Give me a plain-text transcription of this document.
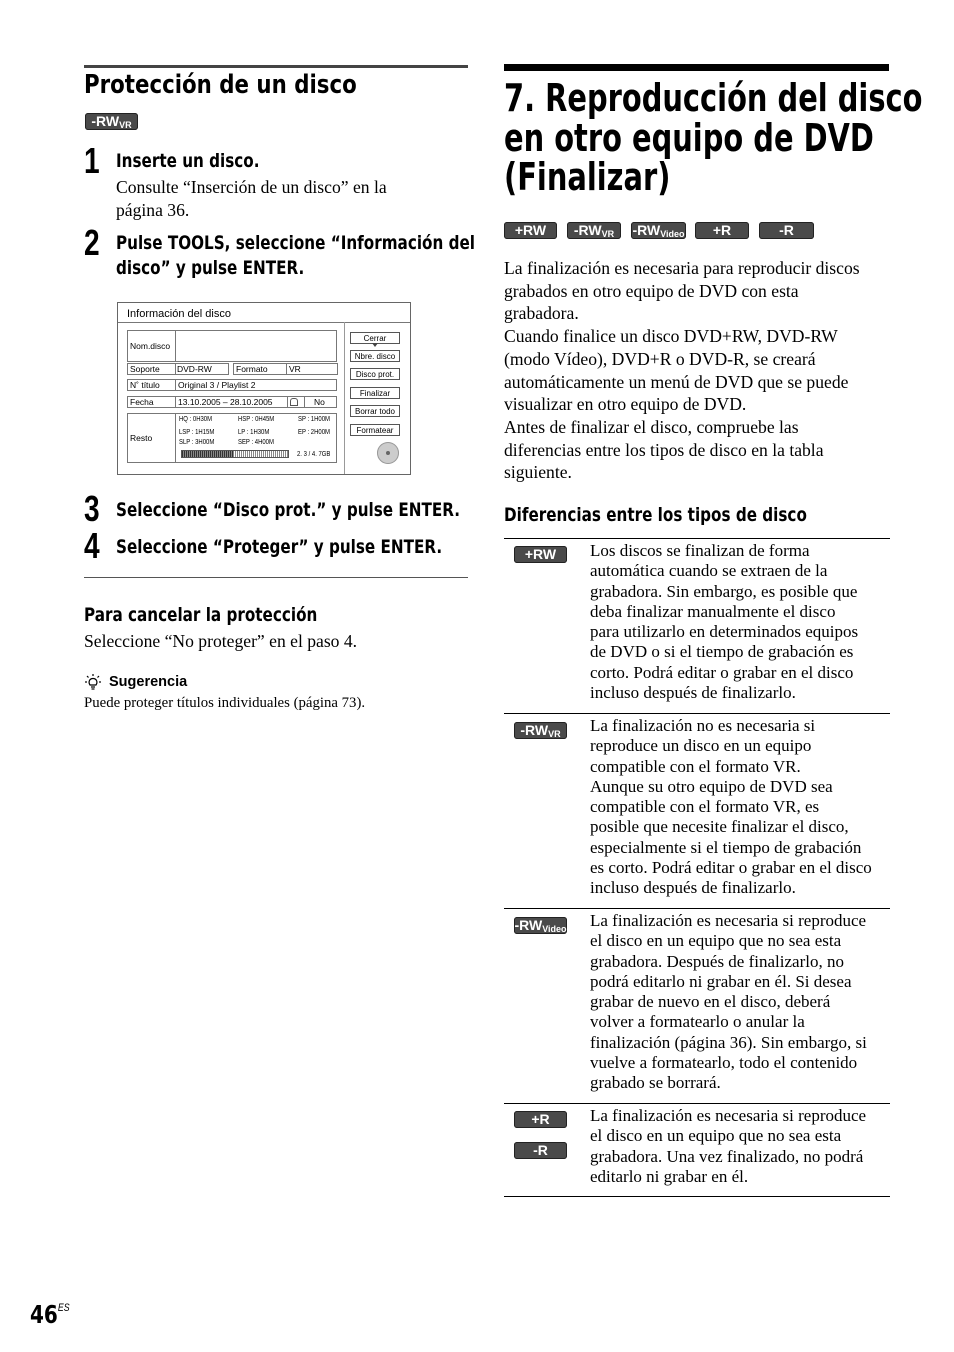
Protección de un disco
$-RW_{VR}$
1 Inserte un disco.
Consulte “Inserción de un disco” en la página 36.
2 Pulse TOOLS, seleccione “Información del
disco” y pulse ENTER.
Información del disco
Nom.disco
Soporte DVD-RW	Formato	VR
N˚ título Original 3 / Playlist 2
Fecha	13.10.2005 – 28.10.2005	No
Resto
HQ : 0H30M	HSP : 0H45M	SP : 1H00M
LSP : 1H15M	LP : 1H30M	EP : 2H00M
SLP : 3H00M	SEP : 4H00M
2. 3 / 4. 7GB
Cerrar
Nbre. disco
Disco prot.
Finalizar
Borrar todo
Formatear
3 Seleccione “Disco prot.” y pulse ENTER.
4 Seleccione “Proteger” y pulse ENTER.
Para cancelar la protección
Seleccione “No proteger” en el paso 4.
Sugerencia
Puede proteger títulos individuales (página 73).
7. Reproducción del disco
en otro equipo de DVD
(Finalizar)
+RW	$-RW_{VR}$	$-RW_{Video}$	+R	-R
La finalización es necesaria para reproducir discos
grabados en otro equipo de DVD con esta
grabadora.
Cuando finalice un disco DVD+RW, DVD-RW
(modo Vídeo), DVD+R o DVD-R, se creará
automáticamente un menú de DVD que se puede
visualizar en otro equipo de DVD.
Antes de finalizar el disco, compruebe las
diferencias entre los tipos de disco en la tabla
siguiente.
Diferencias entre los tipos de disco
+RW	Los discos se finalizan de forma
automática cuando se extraen de la
grabadora. Sin embargo, es posible que
deba finalizar manualmente el disco
para utilizarlo en determinados equipos
de DVD o si el tiempo de grabación es
corto. Podrá editar o grabar en el disco
incluso después de finalizarlo.
$-RW_{VR}$	La finalización no es necesaria si
reproduce un disco en un equipo
compatible con el formato VR.
Aunque su otro equipo de DVD sea
compatible con el formato VR, es
posible que necesite finalizar el disco,
especialmente si el tiempo de grabación
es corto. Podrá editar o grabar en el disco
incluso después de finalizarlo.
$-RW_{Video}$ La finalización es necesaria si reproduce
el disco en un equipo que no sea esta
grabadora. Después de finalizarlo, no
podrá editarlo ni grabar en él. Si desea
grabar de nuevo en el disco, deberá
volver a formatearlo o anular la
finalización (página 36). Sin embargo, si
vuelve a formatearlo, todo el contenido
grabado se borrará.
+R
-R
La finalización es necesaria si reproduce
el disco en un equipo que no sea esta
grabadora. Una vez finalizado, no podrá
editarlo ni grabar en él.
$46^{ES}$
